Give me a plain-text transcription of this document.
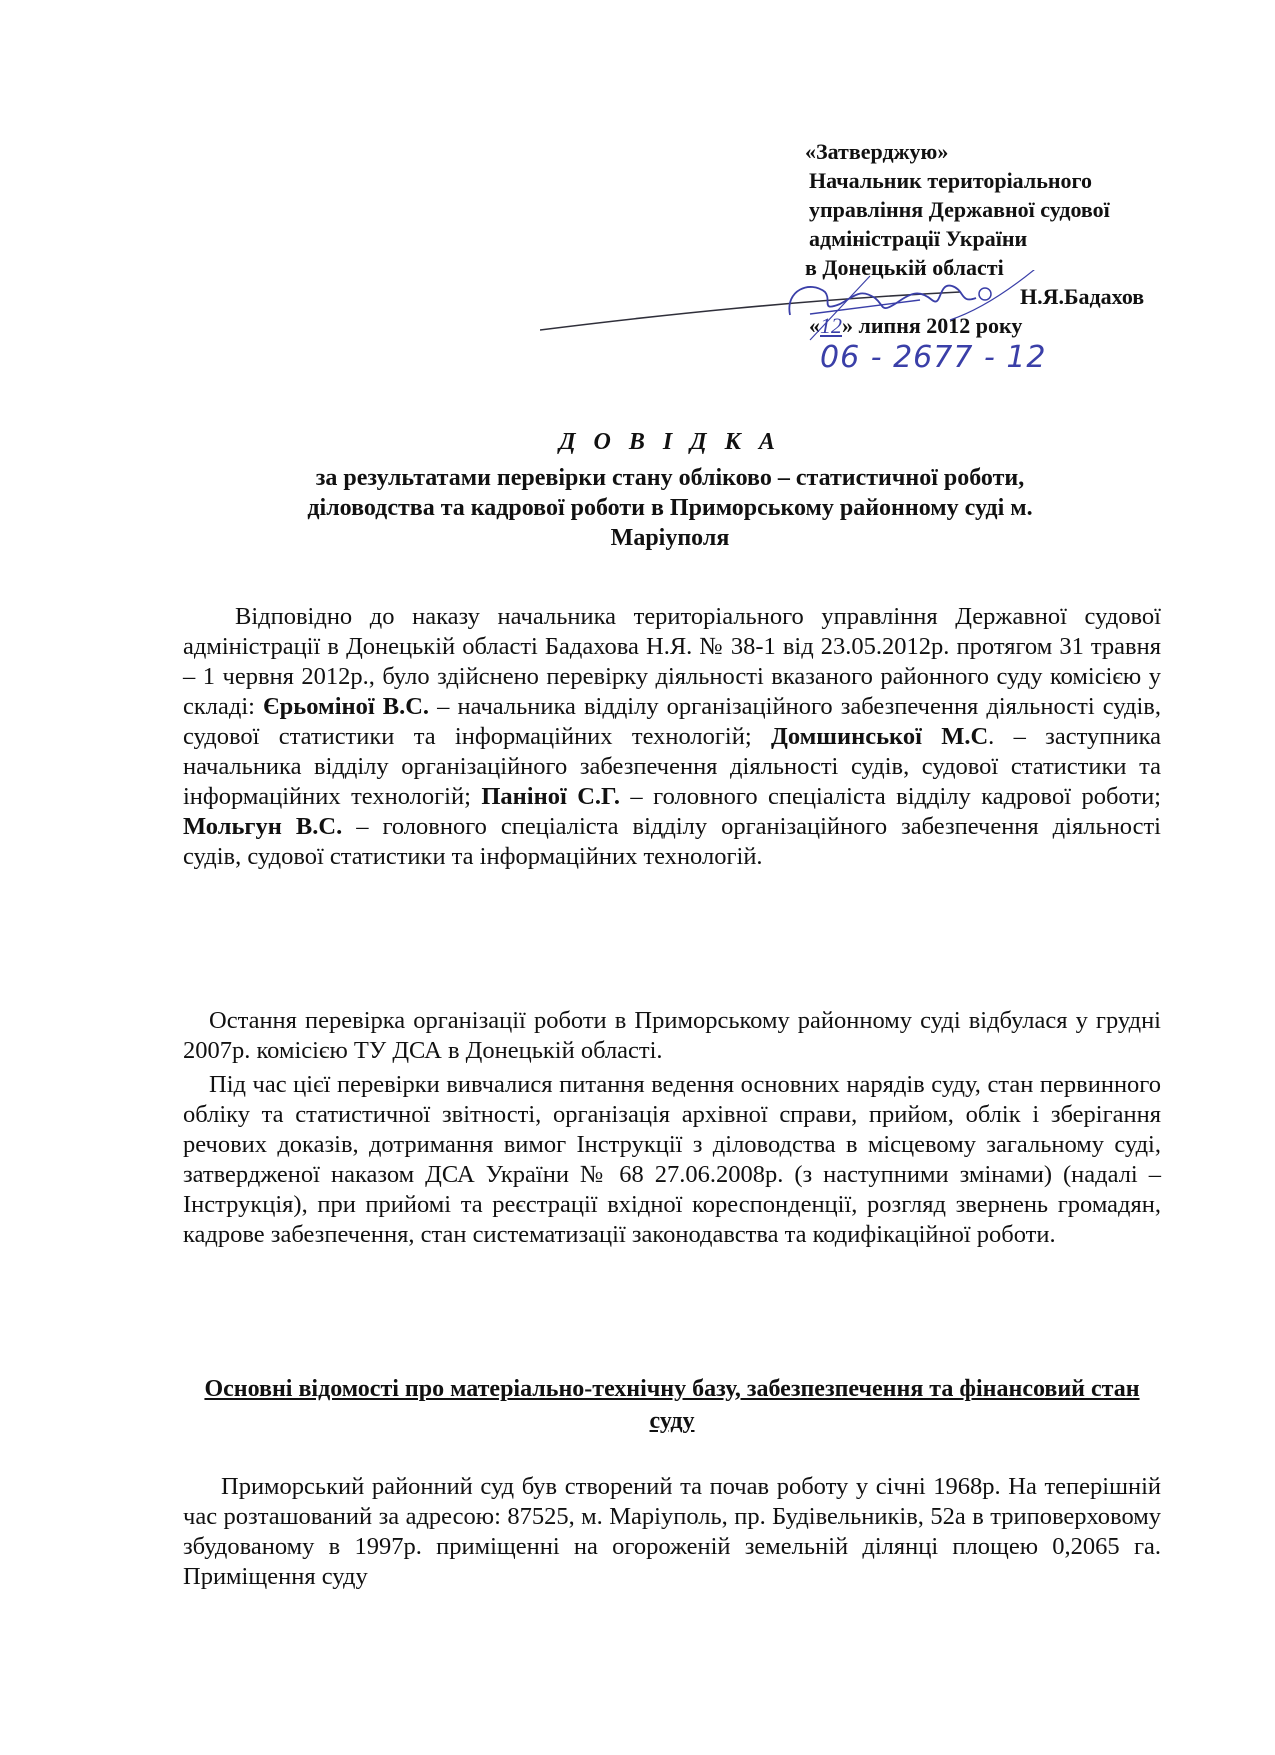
«Затверджую»
Начальник територіального
управління Державної судової
адміністрації України
в Донецькій області
Н.Я.Бадахов
«12» липня 2012 року
06 - 2677 - 12
Д О В І Д К А
за результатами перевірки стану обліково – статистичної роботи, діловодства та кадрової роботи в Приморському районному суді м. Маріуполя

Відповідно до наказу начальника територіального управління Державної судової адміністрації в Донецькій області Бадахова Н.Я. № 38-1 від 23.05.2012р. протягом 31 травня – 1 червня 2012р., було здійснено перевірку діяльності вказаного районного суду комісією у складі: Єрьоміної В.С. – начальника відділу організаційного забезпечення діяльності судів, судової статистики та інформаційних технологій; Домшинської М.С. – заступника начальника відділу організаційного забезпечення діяльності судів, судової статистики та інформаційних технологій; Паніної С.Г. – головного спеціаліста відділу кадрової роботи; Мольгун В.С. – головного спеціаліста відділу організаційного забезпечення діяльності судів, судової статистики та інформаційних технологій.

Остання перевірка організації роботи в Приморському районному суді відбулася у грудні 2007р. комісією ТУ ДСА в Донецькій області.

Під час цієї перевірки вивчалися питання ведення основних нарядів суду, стан первинного обліку та статистичної звітності, організація архівної справи, прийом, облік і зберігання речових доказів, дотримання вимог Інструкції з діловодства в місцевому загальному суді, затвердженої наказом ДСА України № 68 27.06.2008р. (з наступними змінами) (надалі – Інструкція), при прийомі та реєстрації вхідної кореспонденції, розгляд звернень громадян, кадрове забезпечення, стан систематизації законодавства та кодифікаційної роботи.

Основні відомості про матеріально-технічну базу, забезпезпечення та фінансовий стан суду

Приморський районний суд був створений та почав роботу у січні 1968р. На теперішній час розташований за адресою: 87525, м. Маріуполь, пр. Будівельників, 52а в триповерховому збудованому в 1997р. приміщенні на огороженій земельній ділянці площею 0,2065 га. Приміщення суду
